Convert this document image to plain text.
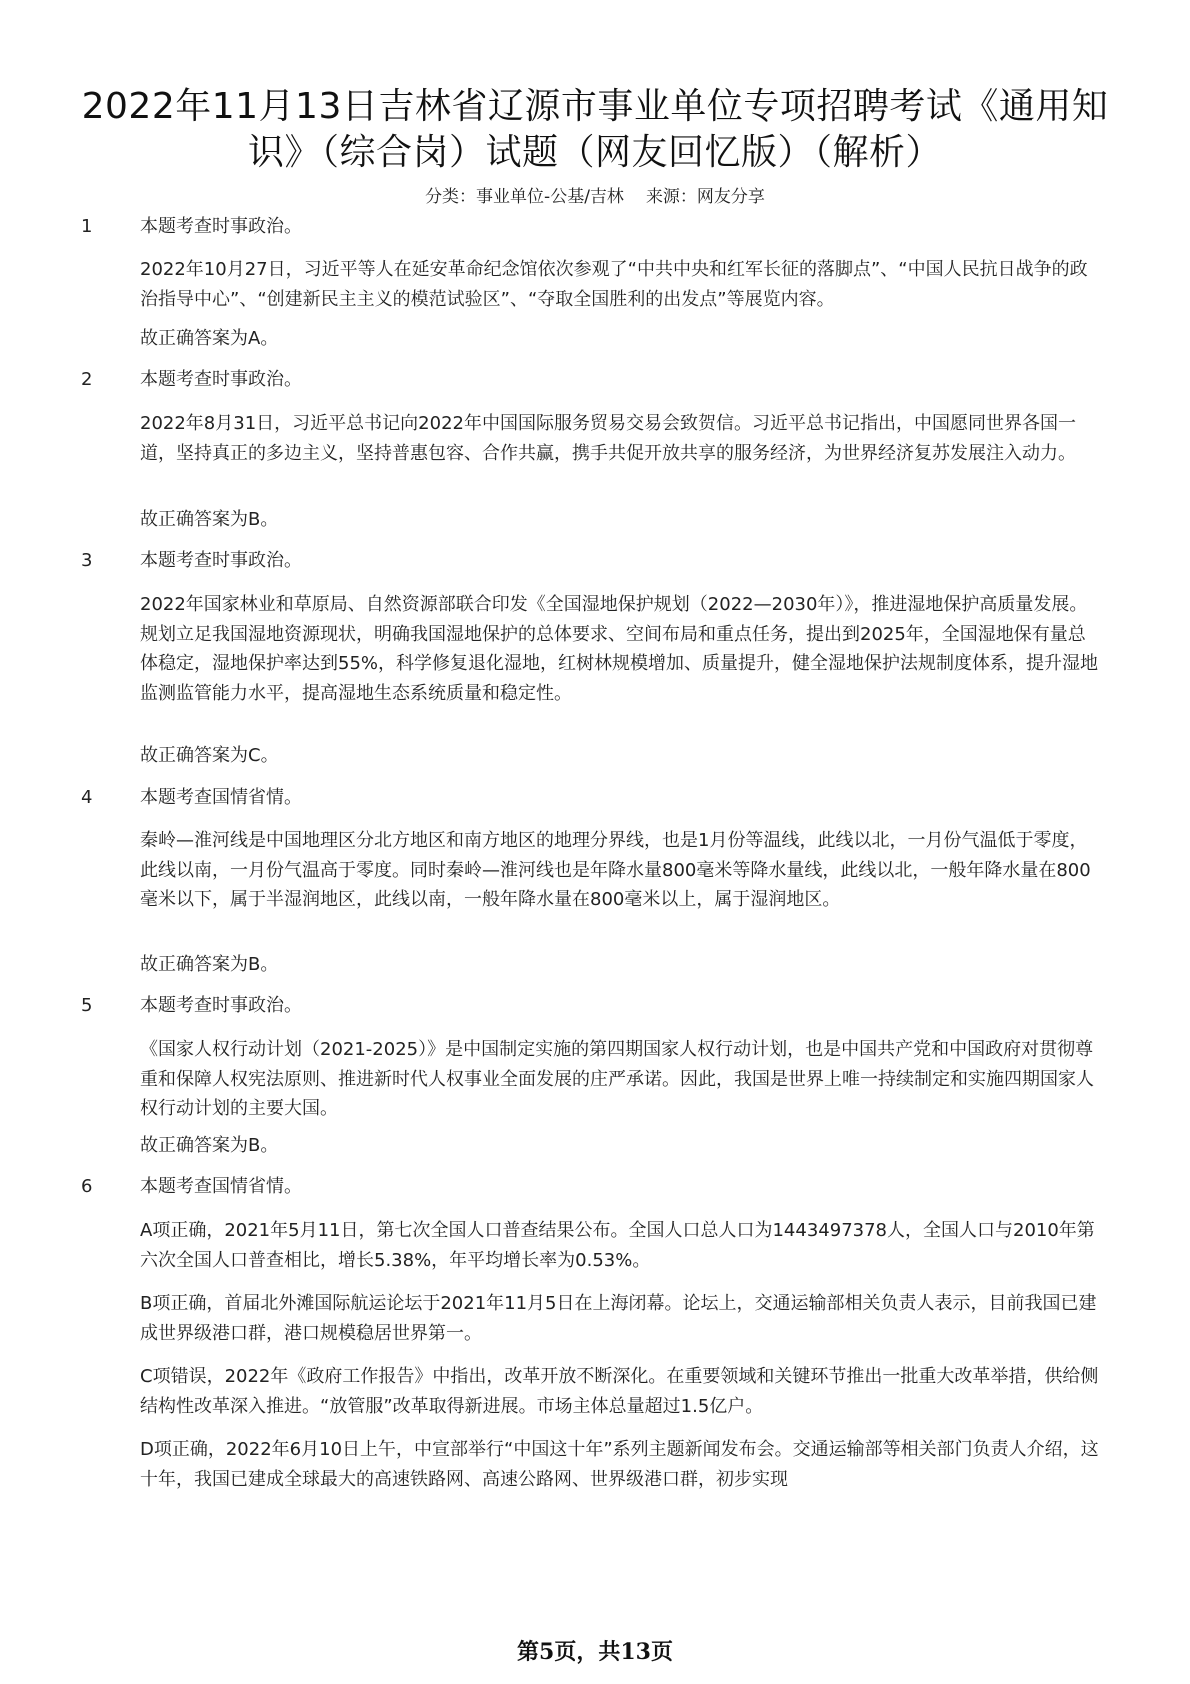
2022年11月13日吉林省辽源市事业单位专项招聘考试《通用知识》（综合岗）试题（网友回忆版）（解析）
分类：事业单位-公基/吉林 来源：网友分享
1	本题考查时事政治。

2022年10月27日，习近平等人在延安革命纪念馆依次参观了“中共中央和红军长征的落脚点”、“中国人民抗日战争的政治指导中心”、“创建新民主主义的模范试验区”、“夺取全国胜利的出发点”等展览内容。

故正确答案为A。
2	本题考查时事政治。

2022年8月31日，习近平总书记向2022年中国国际服务贸易交易会致贺信。习近平总书记指出，中国愿同世界各国一道，坚持真正的多边主义，坚持普惠包容、合作共赢，携手共促开放共享的服务经济，为世界经济复苏发展注入动力。

故正确答案为B。
3	本题考查时事政治。

2022年国家林业和草原局、自然资源部联合印发《全国湿地保护规划（2022—2030年）》，推进湿地保护高质量发展。规划立足我国湿地资源现状，明确我国湿地保护的总体要求、空间布局和重点任务，提出到2025年，全国湿地保有量总体稳定，湿地保护率达到55%，科学修复退化湿地，红树林规模增加、质量提升，健全湿地保护法规制度体系，提升湿地监测监管能力水平，提高湿地生态系统质量和稳定性。

故正确答案为C。
4	本题考查国情省情。

秦岭—淮河线是中国地理区分北方地区和南方地区的地理分界线，也是1月份等温线，此线以北，一月份气温低于零度，此线以南，一月份气温高于零度。同时秦岭—淮河线也是年降水量800毫米等降水量线，此线以北，一般年降水量在800毫米以下，属于半湿润地区，此线以南，一般年降水量在800毫米以上，属于湿润地区。

故正确答案为B。
5	本题考查时事政治。

《国家人权行动计划（2021-2025）》是中国制定实施的第四期国家人权行动计划，也是中国共产党和中国政府对贯彻尊重和保障人权宪法原则、推进新时代人权事业全面发展的庄严承诺。因此，我国是世界上唯一持续制定和实施四期国家人权行动计划的主要大国。

故正确答案为B。
6	本题考查国情省情。

A项正确，2021年5月11日，第七次全国人口普查结果公布。全国人口总人口为1443497378人，全国人口与2010年第六次全国人口普查相比，增长5.38%，年平均增长率为0.53%。

B项正确，首届北外滩国际航运论坛于2021年11月5日在上海闭幕。论坛上，交通运输部相关负责人表示，目前我国已建成世界级港口群，港口规模稳居世界第一。

C项错误，2022年《政府工作报告》中指出，改革开放不断深化。在重要领域和关键环节推出一批重大改革举措，供给侧结构性改革深入推进。“放管服”改革取得新进展。市场主体总量超过1.5亿户。

D项正确，2022年6月10日上午，中宣部举行“中国这十年”系列主题新闻发布会。交通运输部等相关部门负责人介绍，这十年，我国已建成全球最大的高速铁路网、高速公路网、世界级港口群，初步实现

第5页，共13页
